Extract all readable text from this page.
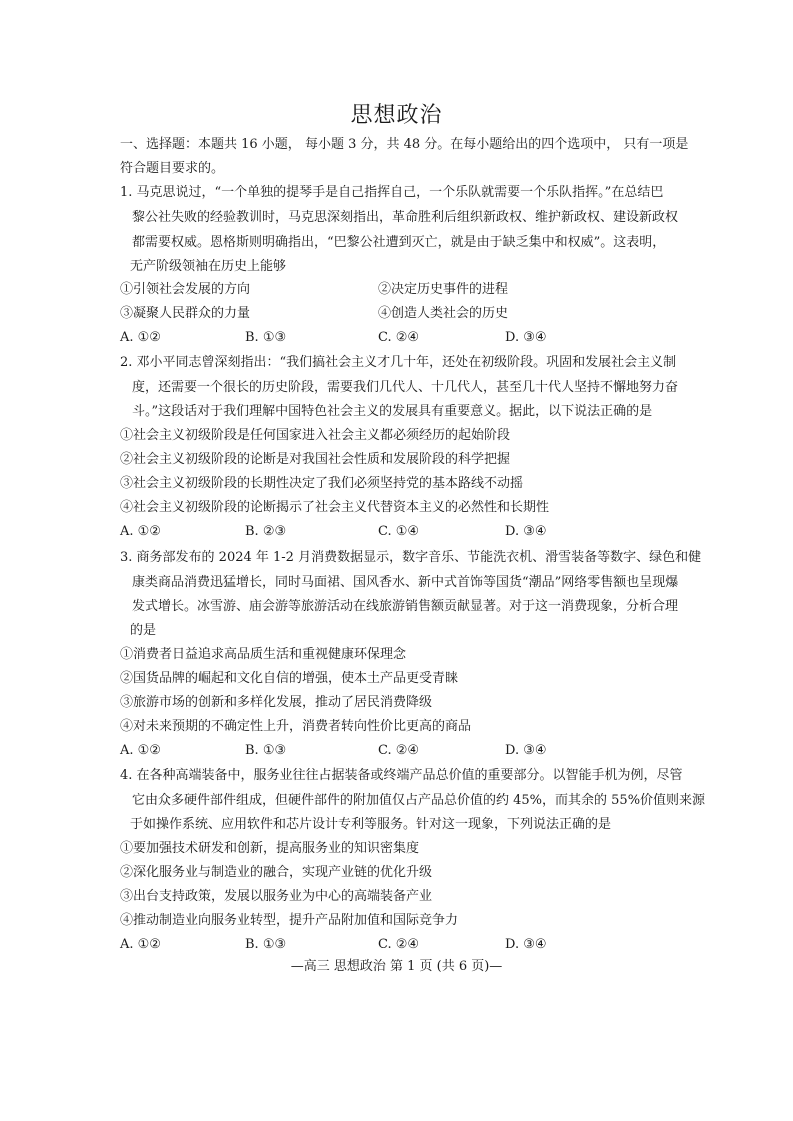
思想政治
一、选择题：本题共 16 小题， 每小题 3 分，共 48 分。在每小题给出的四个选项中， 只有一项是
符合题目要求的。
1. 马克思说过，“一个单独的提琴手是自己指挥自己，一个乐队就需要一个乐队指挥。”在总结巴
黎公社失败的经验教训时，马克思深刻指出，革命胜利后组织新政权、维护新政权、建设新政权
都需要权威。恩格斯则明确指出，“巴黎公社遭到灭亡，就是由于缺乏集中和权威”。这表明，
无产阶级领袖在历史上能够
①引领社会发展的方向	②决定历史事件的进程
③凝聚人民群众的力量	④创造人类社会的历史
A. ①②	B. ①③	C. ②④	D. ③④
2. 邓小平同志曾深刻指出：“我们搞社会主义才几十年，还处在初级阶段。巩固和发展社会主义制
度，还需要一个很长的历史阶段，需要我们几代人、十几代人，甚至几十代人坚持不懈地努力奋
斗。”这段话对于我们理解中国特色社会主义的发展具有重要意义。据此，以下说法正确的是
①社会主义初级阶段是任何国家进入社会主义都必须经历的起始阶段
②社会主义初级阶段的论断是对我国社会性质和发展阶段的科学把握
③社会主义初级阶段的长期性决定了我们必须坚持党的基本路线不动摇
④社会主义初级阶段的论断揭示了社会主义代替资本主义的必然性和长期性
A. ①②	B. ②③	C. ①④	D. ③④
3. 商务部发布的 2024 年 1-2 月消费数据显示，数字音乐、节能洗衣机、滑雪装备等数字、绿色和健
康类商品消费迅猛增长，同时马面裙、国风香水、新中式首饰等国货“潮品”网络零售额也呈现爆
发式增长。冰雪游、庙会游等旅游活动在线旅游销售额贡献显著。对于这一消费现象，分析合理
的是
①消费者日益追求高品质生活和重视健康环保理念
②国货品牌的崛起和文化自信的增强，使本土产品更受青睐
③旅游市场的创新和多样化发展，推动了居民消费降级
④对未来预期的不确定性上升，消费者转向性价比更高的商品
A. ①②	B. ①③	C. ②④	D. ③④
4. 在各种高端装备中，服务业往往占据装备或终端产品总价值的重要部分。以智能手机为例，尽管
它由众多硬件部件组成，但硬件部件的附加值仅占产品总价值的约 45%，而其余的 55%价值则来源
于如操作系统、应用软件和芯片设计专利等服务。针对这一现象，下列说法正确的是
①要加强技术研发和创新，提高服务业的知识密集度
②深化服务业与制造业的融合，实现产业链的优化升级
③出台支持政策，发展以服务业为中心的高端装备产业
④推动制造业向服务业转型，提升产品附加值和国际竞争力
A. ①②	B. ①③	C. ②④	D. ③④
—高三 思想政治 第 1 页 (共 6 页)—
